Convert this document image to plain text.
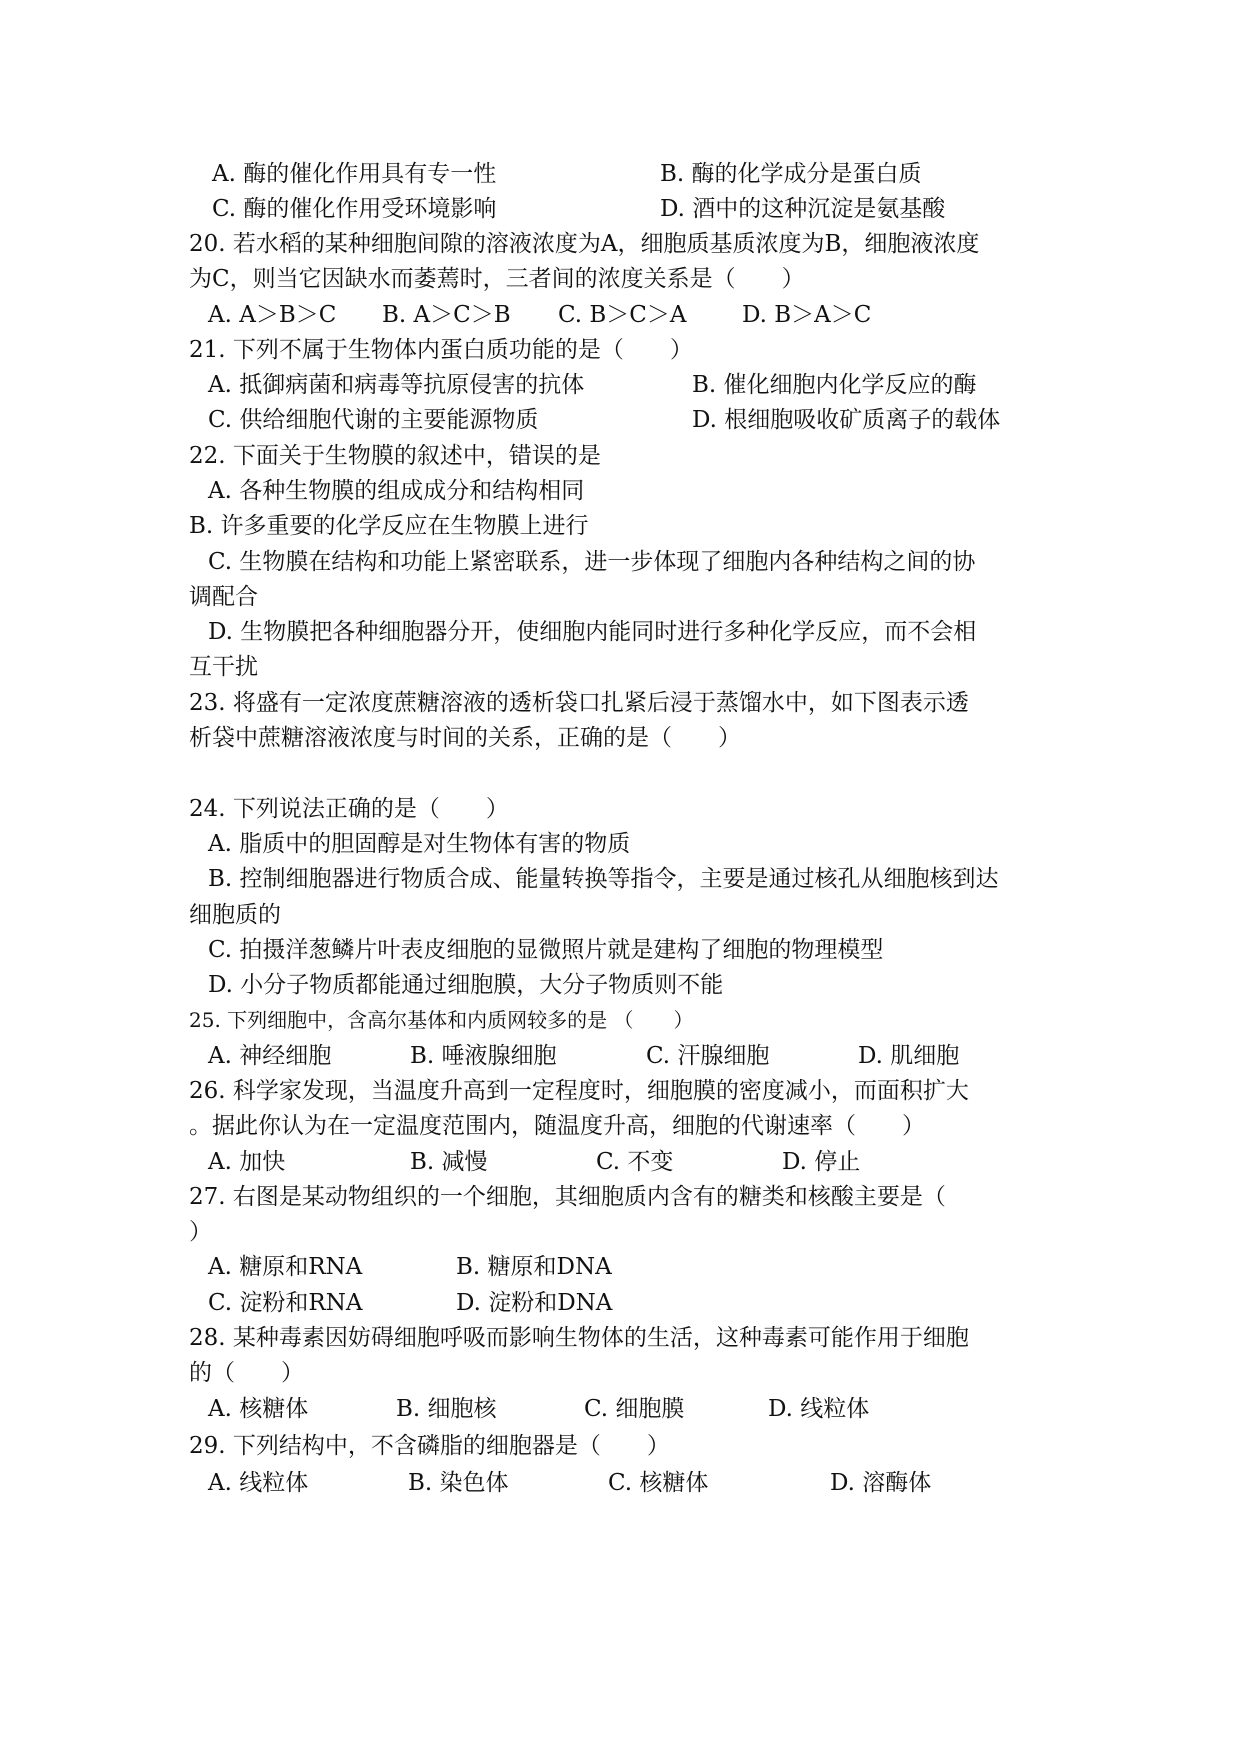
A. 酶的催化作用具有专一性	B. 酶的化学成分是蛋白质
C. 酶的催化作用受环境影响	D. 酒中的这种沉淀是氨基酸
20. 若水稻的某种细胞间隙的溶液浓度为A，细胞质基质浓度为B，细胞液浓度
为C，则当它因缺水而萎蔫时，三者间的浓度关系是（　　）
A. A＞B＞C B. A＞C＞B C. B＞C＞A D. B＞A＞C
21. 下列不属于生物体内蛋白质功能的是（　　）
A. 抵御病菌和病毒等抗原侵害的抗体	B. 催化细胞内化学反应的酶
C. 供给细胞代谢的主要能源物质	D. 根细胞吸收矿质离子的载体
22. 下面关于生物膜的叙述中，错误的是
A. 各种生物膜的组成成分和结构相同
B. 许多重要的化学反应在生物膜上进行
C. 生物膜在结构和功能上紧密联系，进一步体现了细胞内各种结构之间的协
调配合
D. 生物膜把各种细胞器分开，使细胞内能同时进行多种化学反应，而不会相
互干扰
23. 将盛有一定浓度蔗糖溶液的透析袋口扎紧后浸于蒸馏水中，如下图表示透
析袋中蔗糖溶液浓度与时间的关系，正确的是（　　）
24. 下列说法正确的是（　　）
A. 脂质中的胆固醇是对生物体有害的物质
B. 控制细胞器进行物质合成、能量转换等指令，主要是通过核孔从细胞核到达
细胞质的
C. 拍摄洋葱鳞片叶表皮细胞的显微照片就是建构了细胞的物理模型
D. 小分子物质都能通过细胞膜，大分子物质则不能
25. 下列细胞中，含高尔基体和内质网较多的是 （　　）
A. 神经细胞	B. 唾液腺细胞	C. 汗腺细胞	D. 肌细胞
26. 科学家发现，当温度升高到一定程度时，细胞膜的密度减小，而面积扩大
。据此你认为在一定温度范围内，随温度升高，细胞的代谢速率（　　）
A. 加快	B. 减慢	C. 不变	D. 停止
27. 右图是某动物组织的一个细胞，其细胞质内含有的糖类和核酸主要是（
）
A. 糖原和RNA	B. 糖原和DNA
C. 淀粉和RNA	D. 淀粉和DNA
28. 某种毒素因妨碍细胞呼吸而影响生物体的生活，这种毒素可能作用于细胞
的（　　）
A. 核糖体	B. 细胞核	C. 细胞膜	D. 线粒体
29. 下列结构中，不含磷脂的细胞器是（　　）
A. 线粒体	B. 染色体	C. 核糖体	D. 溶酶体
